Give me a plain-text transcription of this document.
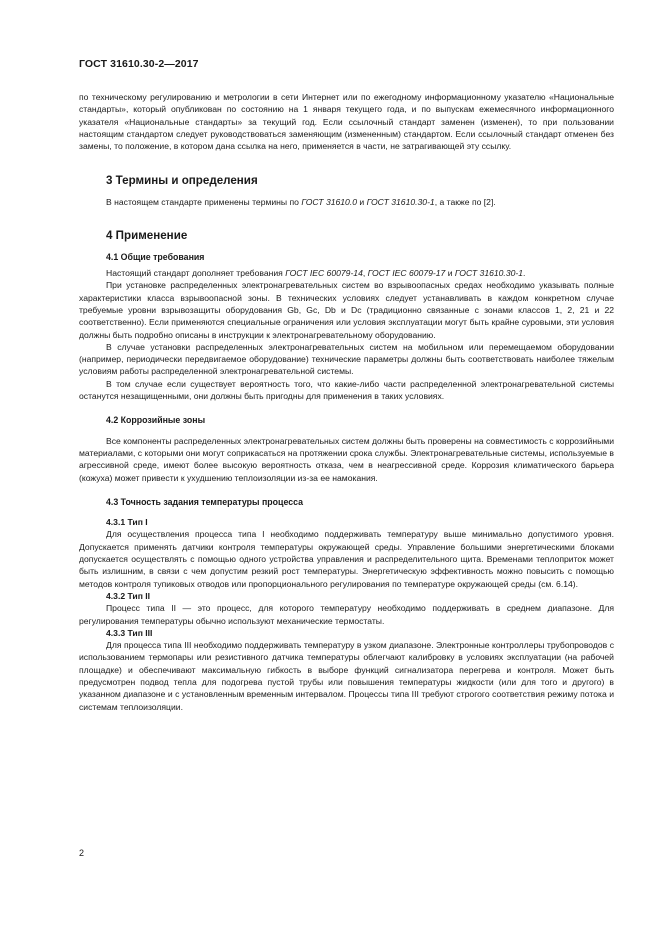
ГОСТ 31610.30-2—2017

по техническому регулированию и метрологии в сети Интернет или по ежегодному информационному указателю «Национальные стандарты», который опубликован по состоянию на 1 января текущего года, и по выпускам ежемесячного информационного указателя «Национальные стандарты» за текущий год. Если ссылочный стандарт заменен (изменен), то при пользовании настоящим стандартом следует руководствоваться заменяющим (измененным) стандартом. Если ссылочный стандарт отменен без замены, то положение, в котором дана ссылка на него, применяется в части, не затрагивающей эту ссылку.

3 Термины и определения

В настоящем стандарте применены термины по ГОСТ 31610.0 и ГОСТ 31610.30-1, а также по [2].

4 Применение
4.1 Общие требования

Настоящий стандарт дополняет требования ГОСТ IEC 60079-14, ГОСТ IEC 60079-17 и ГОСТ 31610.30-1.

При установке распределенных электронагревательных систем во взрывоопасных средах необходимо указывать полные характеристики класса взрывоопасной зоны. В технических условиях следует устанавливать в каждом конкретном случае требуемые уровни взрывозащиты оборудования Gb, Gc, Db и Dc (традиционно связанные с зонами классов 1, 2, 21 и 22 соответственно). Если применяются специальные ограничения или условия эксплуатации могут быть крайне суровыми, эти условия должны быть подробно описаны в инструкции к электронагревательному оборудованию.

В случае установки распределенных электронагревательных систем на мобильном или перемещаемом оборудовании (например, периодически передвигаемое оборудование) технические параметры должны быть соответствовать наиболее тяжелым условиям работы распределенной электронагревательной системы.

В том случае если существует вероятность того, что какие-либо части распределенной электронагревательной системы останутся незащищенными, они должны быть пригодны для применения в таких условиях.

4.2 Коррозийные зоны

Все компоненты распределенных электронагревательных систем должны быть проверены на совместимость с коррозийными материалами, с которыми они могут соприкасаться на протяжении срока службы. Электронагревательные системы, используемые в агрессивной среде, имеют более высокую вероятность отказа, чем в неагрессивной среде. Коррозия климатического барьера (кожуха) может привести к ухудшению теплоизоляции из-за ее намокания.

4.3 Точность задания температуры процесса
4.3.1 Тип I

Для осуществления процесса типа I необходимо поддерживать температуру выше минимально допустимого уровня. Допускается применять датчики контроля температуры окружающей среды. Управление большими энергетическими блоками допускается осуществлять с помощью одного устройства управления и распределительного щита. Временами теплоприток может быть излишним, в связи с чем допустим резкий рост температуры. Энергетическую эффективность можно повысить с помощью методов контроля тупиковых отводов или пропорционального регулирования по температуре окружающей среды (см. 6.14).

4.3.2 Тип II

Процесс типа II — это процесс, для которого температуру необходимо поддерживать в среднем диапазоне. Для регулирования температуры обычно используют механические термостаты.

4.3.3 Тип III

Для процесса типа III необходимо поддерживать температуру в узком диапазоне. Электронные контроллеры трубопроводов с использованием термопары или резистивного датчика температуры облегчают калибровку в условиях эксплуатации (на рабочей площадке) и обеспечивают максимальную гибкость в выборе функций сигнализатора перегрева и контроля. Может быть предусмотрен подвод тепла для подогрева пустой трубы или повышения температуры жидкости (или для того и другого) в указанном диапазоне и с установленным временным интервалом. Процессы типа III требуют строгого соответствия режиму потока и системам теплоизоляции.

2
